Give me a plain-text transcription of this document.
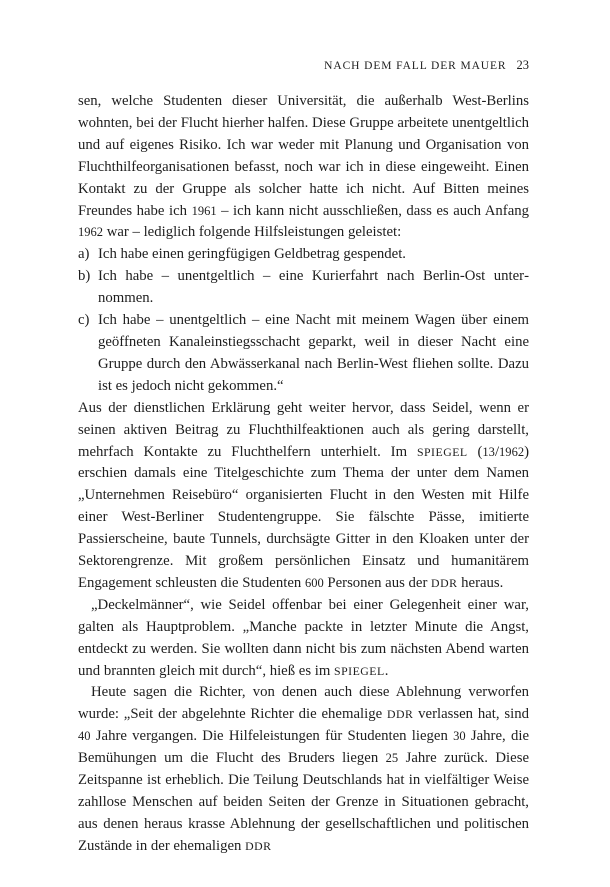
NACH DEM FALL DER MAUER 23

sen, welche Studenten dieser Universität, die außerhalb West-Berlins wohnten, bei der Flucht hierher halfen. Diese Gruppe arbeitete unentgeltlich und auf eigenes Risiko. Ich war weder mit Planung und Organisation von Fluchthilfeorganisationen befasst, noch war ich in diese eingeweiht. Einen Kontakt zu der Gruppe als solcher hatte ich nicht. Auf Bitten meines Freundes habe ich 1961 – ich kann nicht ausschließen, dass es auch Anfang 1962 war – lediglich folgende Hilfsleistungen geleistet:

a) Ich habe einen geringfügigen Geldbetrag gespendet.

b) Ich habe – unentgeltlich – eine Kurierfahrt nach Berlin-Ost unternommen.

c) Ich habe – unentgeltlich – eine Nacht mit meinem Wagen über einem geöffneten Kanaleinstiegsschacht geparkt, weil in dieser Nacht eine Gruppe durch den Abwässerkanal nach Berlin-West fliehen sollte. Dazu ist es jedoch nicht gekommen.“

Aus der dienstlichen Erklärung geht weiter hervor, dass Seidel, wenn er seinen aktiven Beitrag zu Fluchthilfeaktionen auch als gering darstellt, mehrfach Kontakte zu Fluchthelfern unterhielt. Im SPIEGEL (13/1962) erschien damals eine Titelgeschichte zum Thema der unter dem Namen „Unternehmen Reisebüro“ organisierten Flucht in den Westen mit Hilfe einer West-Berliner Studentengruppe. Sie fälschte Pässe, imitierte Passierscheine, baute Tunnels, durchsägte Gitter in den Kloaken unter der Sektorengrenze. Mit großem persönlichen Einsatz und humanitärem Engagement schleusten die Studenten 600 Personen aus der DDR heraus.

„Deckelmänner“, wie Seidel offenbar bei einer Gelegenheit einer war, galten als Hauptproblem. „Manche packte in letzter Minute die Angst, entdeckt zu werden. Sie wollten dann nicht bis zum nächsten Abend warten und brannten gleich mit durch“, hieß es im SPIEGEL.

Heute sagen die Richter, von denen auch diese Ablehnung verworfen wurde: „Seit der abgelehnte Richter die ehemalige DDR verlassen hat, sind 40 Jahre vergangen. Die Hilfeleistungen für Studenten liegen 30 Jahre, die Bemühungen um die Flucht des Bruders liegen 25 Jahre zurück. Diese Zeitspanne ist erheblich. Die Teilung Deutschlands hat in vielfältiger Weise zahllose Menschen auf beiden Seiten der Grenze in Situationen gebracht, aus denen heraus krasse Ablehnung der gesellschaftlichen und politischen Zustände in der ehemaligen DDR
